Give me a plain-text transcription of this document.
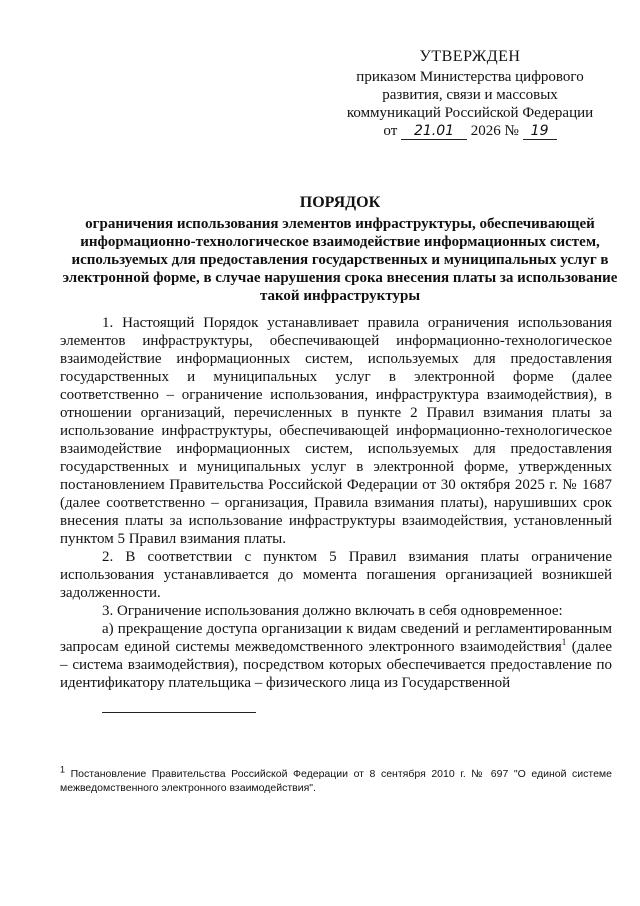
УТВЕРЖДЕН
приказом Министерства цифрового
развития, связи и массовых
коммуникаций Российской Федерации
от 21.01 2026 № 19
ПОРЯДОК
ограничения использования элементов инфраструктуры, обеспечивающей информационно-технологическое взаимодействие информационных систем, используемых для предоставления государственных и муниципальных услуг в электронной форме, в случае нарушения срока внесения платы за использование такой инфраструктуры

1. Настоящий Порядок устанавливает правила ограничения использования элементов инфраструктуры, обеспечивающей информационно-технологическое взаимодействие информационных систем, используемых для предоставления государственных и муниципальных услуг в электронной форме (далее соответственно – ограничение использования, инфраструктура взаимодействия), в отношении организаций, перечисленных в пункте 2 Правил взимания платы за использование инфраструктуры, обеспечивающей информационно-технологическое взаимодействие информационных систем, используемых для предоставления государственных и муниципальных услуг в электронной форме, утвержденных постановлением Правительства Российской Федерации от 30 октября 2025 г. № 1687 (далее соответственно – организация, Правила взимания платы), нарушивших срок внесения платы за использование инфраструктуры взаимодействия, установленный пунктом 5 Правил взимания платы.

2. В соответствии с пунктом 5 Правил взимания платы ограничение использования устанавливается до момента погашения организацией возникшей задолженности.

3. Ограничение использования должно включать в себя одновременное:

а) прекращение доступа организации к видам сведений и регламентированным запросам единой системы межведомственного электронного взаимодействия$^1$ (далее – система взаимодействия), посредством которых обеспечивается предоставление по идентификатору плательщика – физического лица из Государственной

$^1$ Постановление Правительства Российской Федерации от 8 сентября 2010 г. № 697 "О единой системе межведомственного электронного взаимодействия".
